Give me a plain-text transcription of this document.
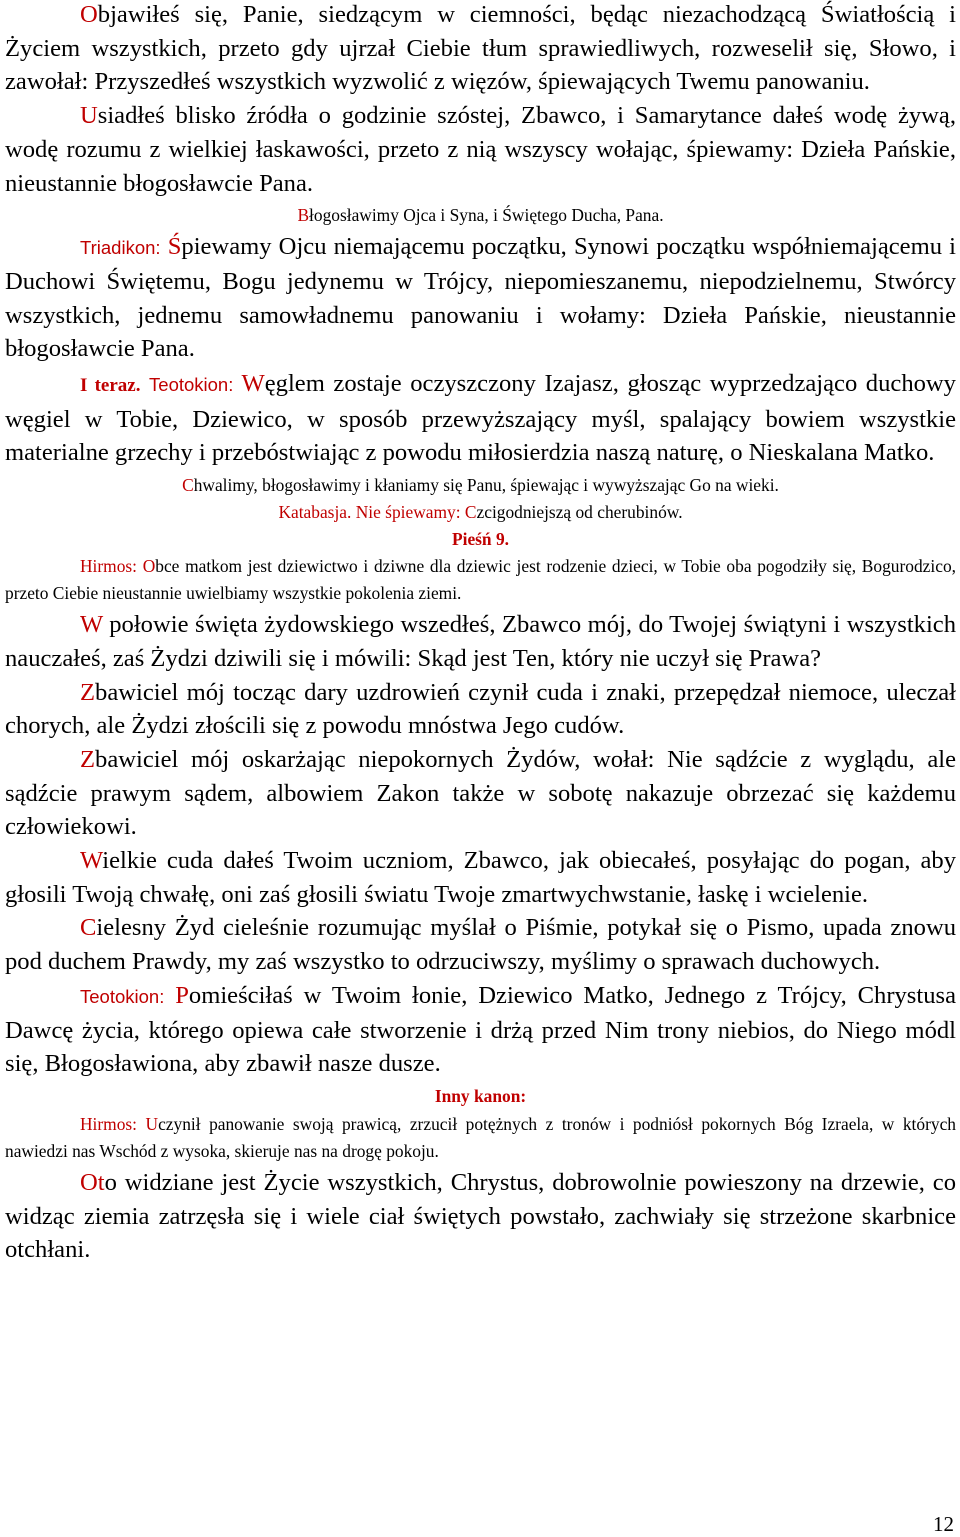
Objawiłeś się, Panie, siedzącym w ciemności, będąc niezachodzącą Światłością i Życiem wszystkich, przeto gdy ujrzał Ciebie tłum sprawiedliwych, rozweselił się, Słowo, i zawołał: Przyszedłeś wszystkich wyzwolić z więzów, śpiewających Twemu panowaniu.

Usiadłeś blisko źródła o godzinie szóstej, Zbawco, i Samarytance dałeś wodę żywą, wodę rozumu z wielkiej łaskawości, przeto z nią wszyscy wołając, śpiewamy: Dzieła Pańskie, nieustannie błogosławcie Pana.

Błogosławimy Ojca i Syna, i Świętego Ducha, Pana.

Triadikon: Śpiewamy Ojcu niemającemu początku, Synowi początku współniemającemu i Duchowi Świętemu, Bogu jedynemu w Trójcy, niepomieszanemu, niepodzielnemu, Stwórcy wszystkich, jednemu samowładnemu panowaniu i wołamy: Dzieła Pańskie, nieustannie błogosławcie Pana.

I teraz. Teotokion: Węglem zostaje oczyszczony Izajasz, głosząc wyprzedzająco duchowy węgiel w Tobie, Dziewico, w sposób przewyższający myśl, spalający bowiem wszystkie materialne grzechy i przebóstwiając z powodu miłosierdzia naszą naturę, o Nieskalana Matko.

Chwalimy, błogosławimy i kłaniamy się Panu, śpiewając i wywyższając Go na wieki.

Katabasja. Nie śpiewamy: Czcigodniejszą od cherubinów.

Pieśń 9.

Hirmos: Obce matkom jest dziewictwo i dziwne dla dziewic jest rodzenie dzieci, w Tobie oba pogodziły się, Bogurodzico, przeto Ciebie nieustannie uwielbiamy wszystkie pokolenia ziemi.

W połowie święta żydowskiego wszedłeś, Zbawco mój, do Twojej świątyni i wszystkich nauczałeś, zaś Żydzi dziwili się i mówili: Skąd jest Ten, który nie uczył się Prawa?

Zbawiciel mój tocząc dary uzdrowień czynił cuda i znaki, przepędzał niemoce, uleczał chorych, ale Żydzi złościli się z powodu mnóstwa Jego cudów.

Zbawiciel mój oskarżając niepokornych Żydów, wołał: Nie sądźcie z wyglądu, ale sądźcie prawym sądem, albowiem Zakon także w sobotę nakazuje obrzezać się każdemu człowiekowi.

Wielkie cuda dałeś Twoim uczniom, Zbawco, jak obiecałeś, posyłając do pogan, aby głosili Twoją chwałę, oni zaś głosili światu Twoje zmartwychwstanie, łaskę i wcielenie.

Cielesny Żyd cieleśnie rozumując myślał o Piśmie, potykał się o Pismo, upada znowu pod duchem Prawdy, my zaś wszystko to odrzuciwszy, myślimy o sprawach duchowych.

Teotokion: Pomieściłaś w Twoim łonie, Dziewico Matko, Jednego z Trójcy, Chrystusa Dawcę życia, którego opiewa całe stworzenie i drżą przed Nim trony niebios, do Niego módl się, Błogosławiona, aby zbawił nasze dusze.

Inny kanon:

Hirmos: Uczynił panowanie swoją prawicą, zrzucił potężnych z tronów i podniósł pokornych Bóg Izraela, w których nawiedzi nas Wschód z wysoka, skieruje nas na drogę pokoju.

Oto widziane jest Życie wszystkich, Chrystus, dobrowolnie powieszony na drzewie, co widząc ziemia zatrzęsła się i wiele ciał świętych powstało, zachwiały się strzeżone skarbnice otchłani.

12
